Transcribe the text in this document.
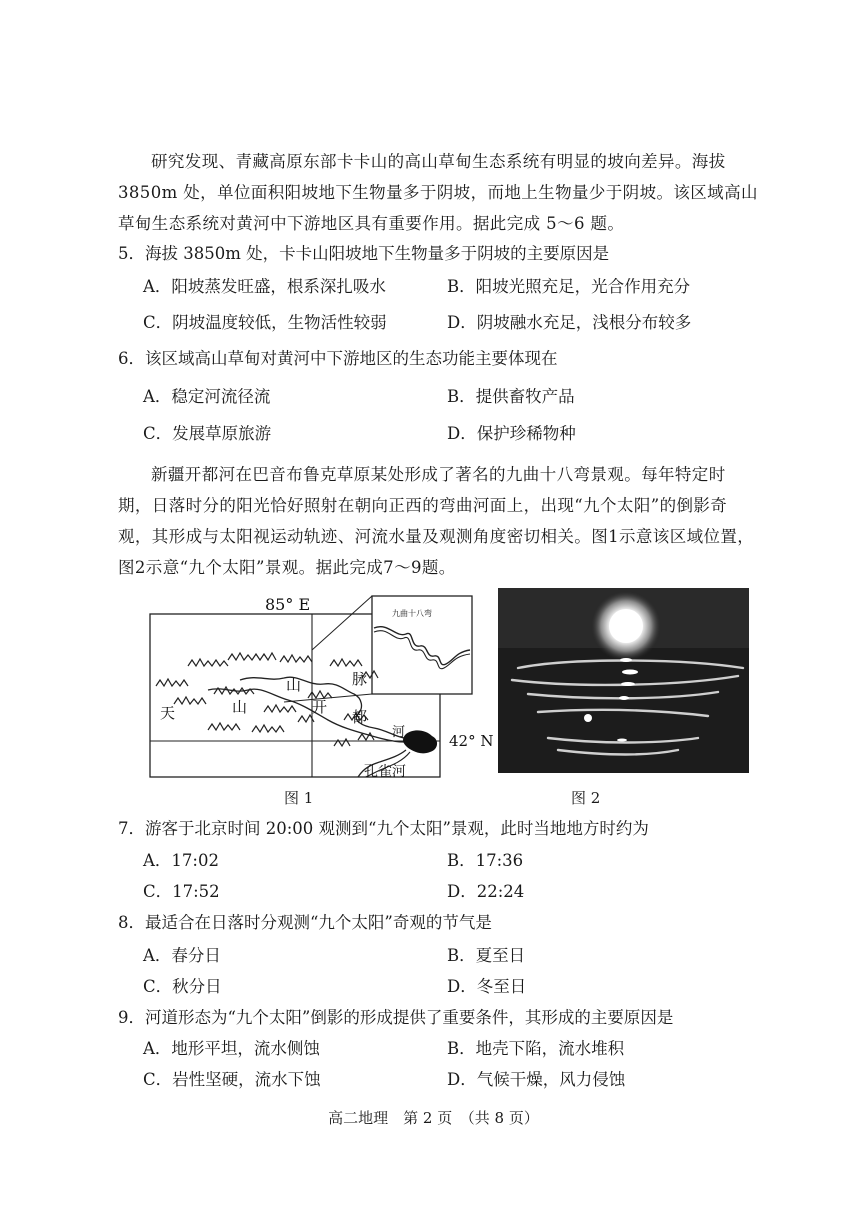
研究发现、青藏高原东部卡卡山的高山草甸生态系统有明显的坡向差异。海拔 3850m 处，单位面积阳坡地下生物量多于阴坡，而地上生物量少于阴坡。该区域高山草甸生态系统对黄河中下游地区具有重要作用。据此完成 5～6 题。
5．海拔 3850m 处，卡卡山阳坡地下生物量多于阴坡的主要原因是
A．阳坡蒸发旺盛，根系深扎吸水	B．阳坡光照充足，光合作用充分
C．阴坡温度较低，生物活性较弱	D．阴坡融水充足，浅根分布较多
6．该区域高山草甸对黄河中下游地区的生态功能主要体现在
A．稳定河流径流	B．提供畜牧产品
C．发展草原旅游	D．保护珍稀物种
新疆开都河在巴音布鲁克草原某处形成了著名的九曲十八弯景观。每年特定时期，日落时分的阳光恰好照射在朝向正西的弯曲河面上，出现“九个太阳”的倒影奇观，其形成与太阳视运动轨迹、河流水量及观测角度密切相关。图1示意该区域位置，图2示意“九个太阳”景观。据此完成7～9题。
85° E
42° N
九曲十八弯
天	山
山
开
都
河
脉
孔雀河
图 1	图 2
7．游客于北京时间 20:00 观测到“九个太阳”景观，此时当地地方时约为
A．17:02	B．17:36
C．17:52	D．22:24
8．最适合在日落时分观测“九个太阳”奇观的节气是
A．春分日	B．夏至日
C．秋分日	D．冬至日
9．河道形态为“九个太阳”倒影的形成提供了重要条件，其形成的主要原因是
A．地形平坦，流水侧蚀	B．地壳下陷，流水堆积
C．岩性坚硬，流水下蚀	D．气候干燥，风力侵蚀
高二地理　第 2 页　（共 8 页）
